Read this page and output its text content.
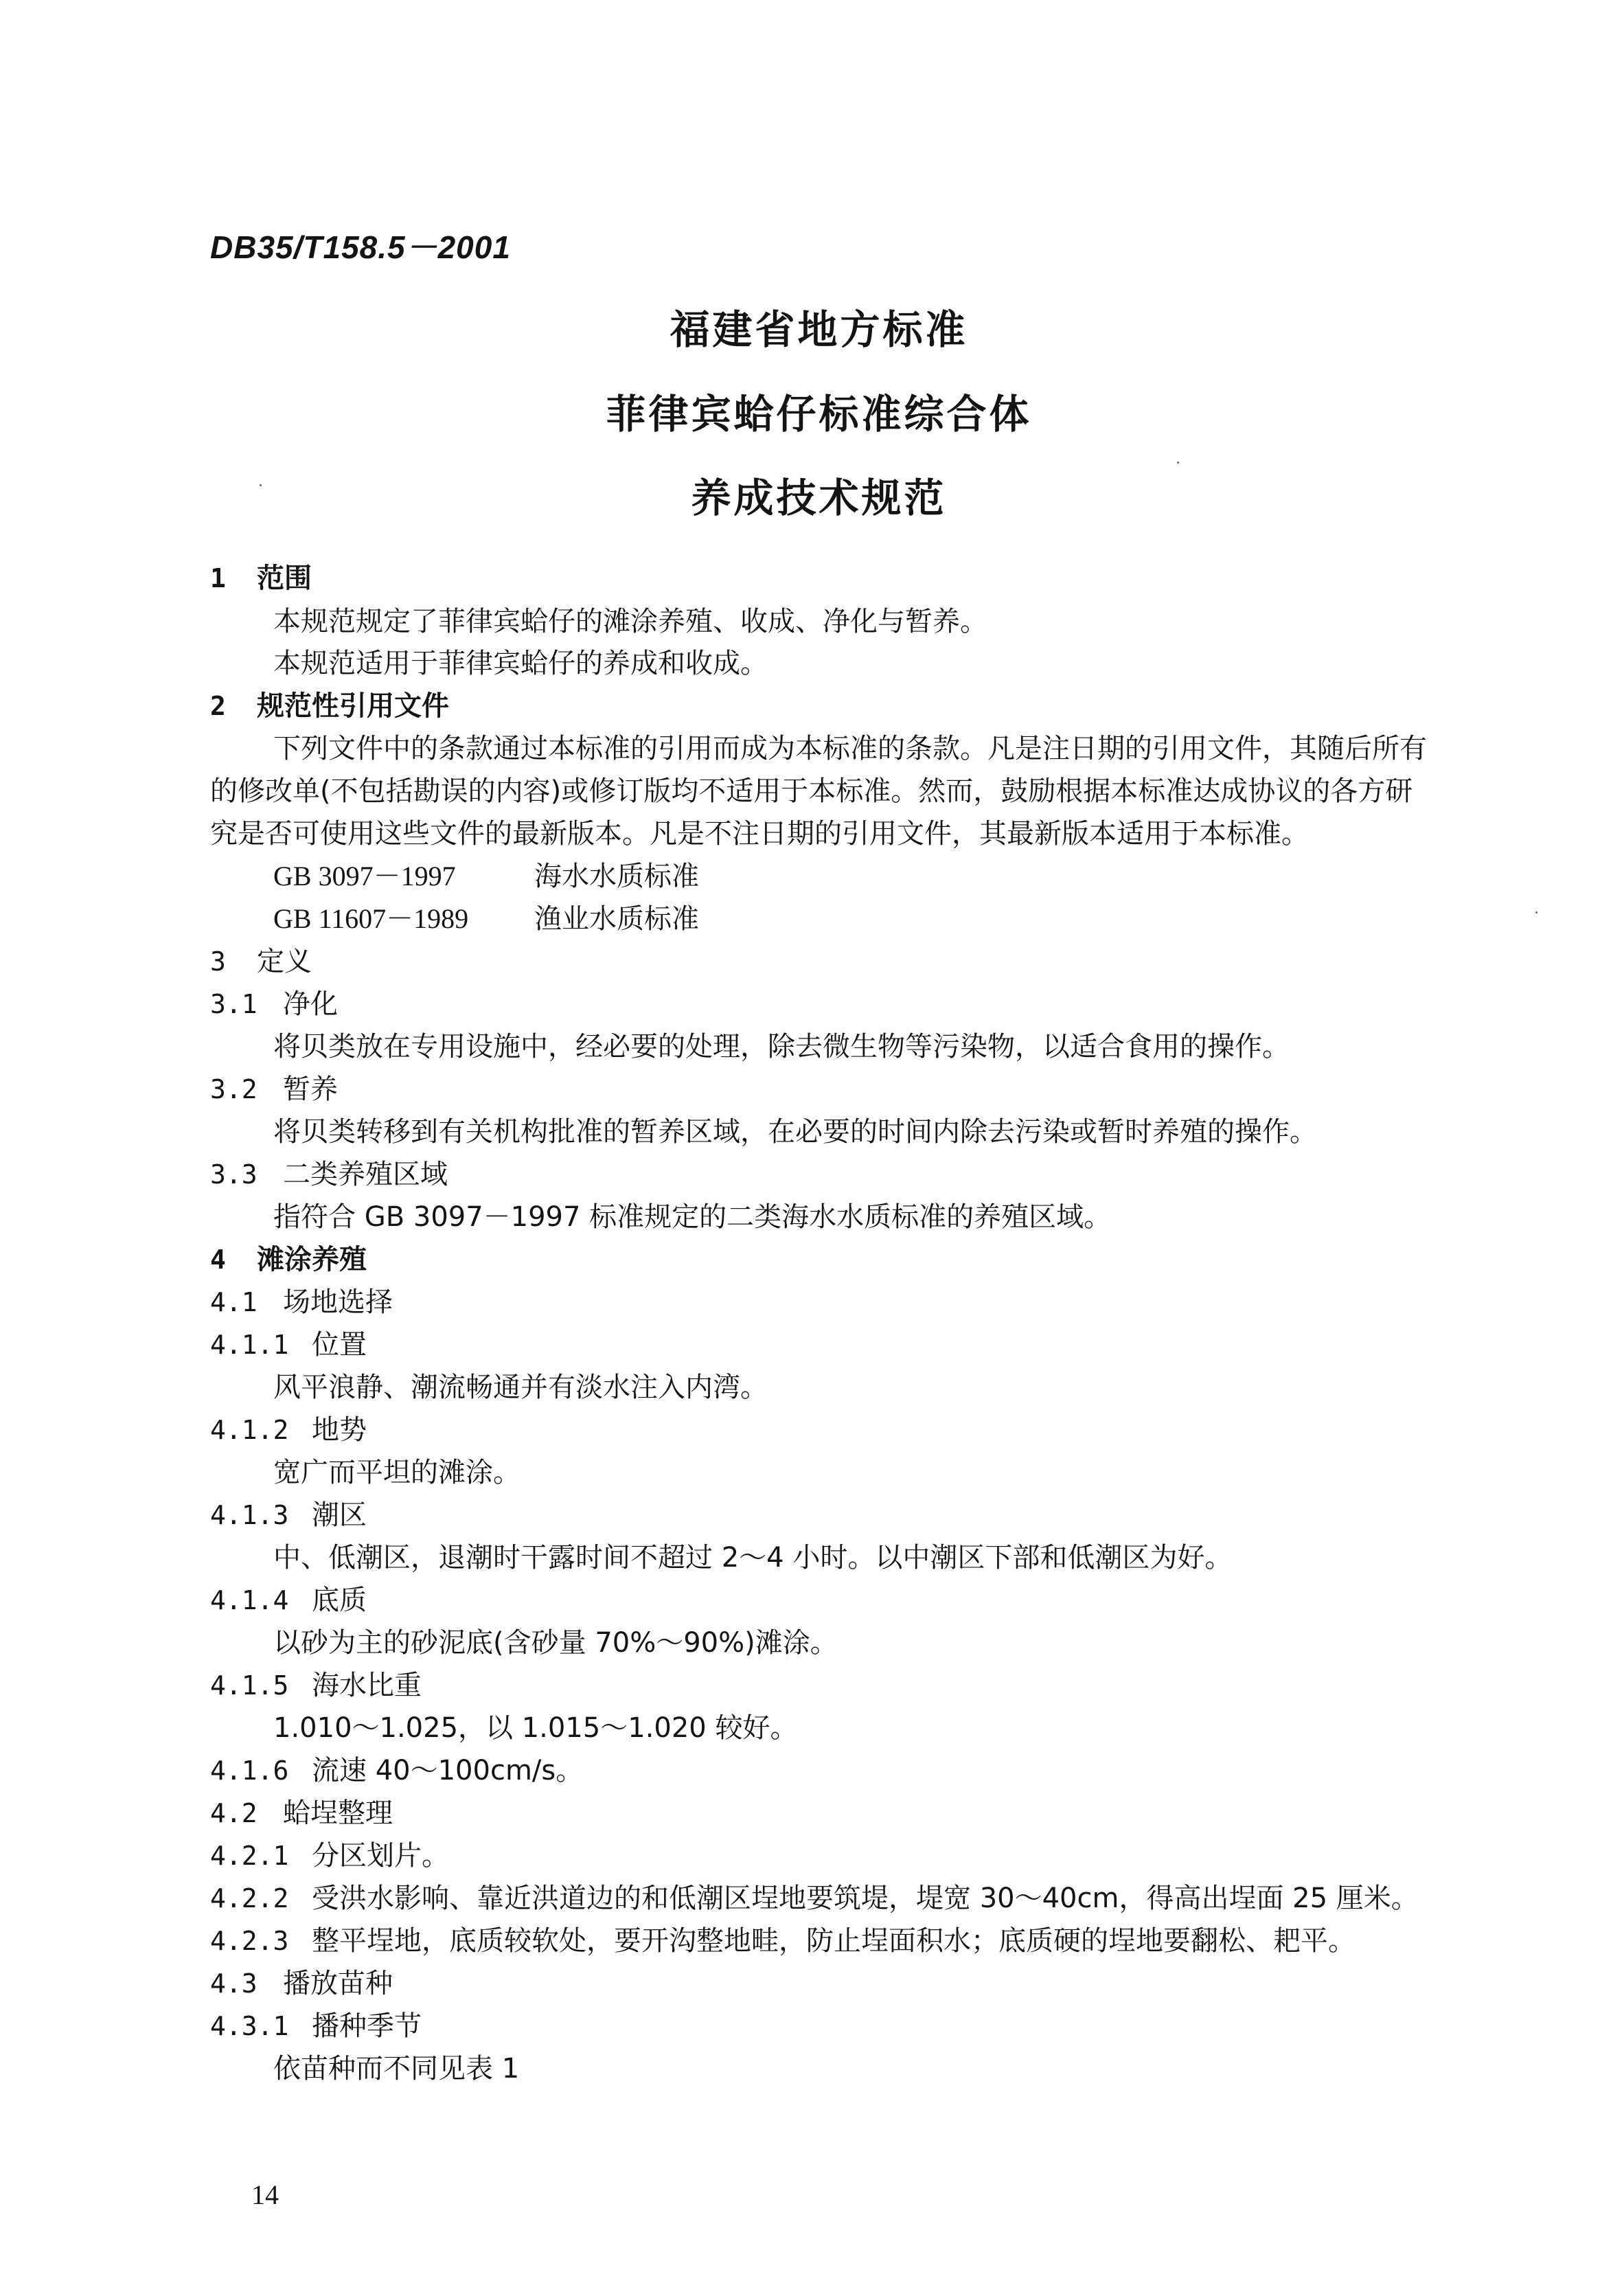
DB35/T158.5－2001
福建省地方标准
菲律宾蛤仔标准综合体
养成技术规范
1 范围
本规范规定了菲律宾蛤仔的滩涂养殖、收成、净化与暂养。
本规范适用于菲律宾蛤仔的养成和收成。
2 规范性引用文件
下列文件中的条款通过本标准的引用而成为本标准的条款。凡是注日期的引用文件，其随后所有
的修改单(不包括勘误的内容)或修订版均不适用于本标准。然而，鼓励根据本标准达成协议的各方研
究是否可使用这些文件的最新版本。凡是不注日期的引用文件，其最新版本适用于本标准。
GB 3097－1997	海水水质标准
GB 11607－1989 渔业水质标准
3 定义
3.1 净化
将贝类放在专用设施中，经必要的处理，除去微生物等污染物，以适合食用的操作。
3.2 暂养
将贝类转移到有关机构批准的暂养区域，在必要的时间内除去污染或暂时养殖的操作。
3.3 二类养殖区域
指符合 GB 3097－1997 标准规定的二类海水水质标准的养殖区域。
4 滩涂养殖
4.1 场地选择
4.1.1 位置
风平浪静、潮流畅通并有淡水注入内湾。
4.1.2 地势
宽广而平坦的滩涂。
4.1.3 潮区
中、低潮区，退潮时干露时间不超过 2～4 小时。以中潮区下部和低潮区为好。
4.1.4 底质
以砂为主的砂泥底(含砂量 70%～90%)滩涂。
4.1.5 海水比重
1.010～1.025，以 1.015～1.020 较好。
4.1.6 流速 40～100cm/s。
4.2 蛤埕整理
4.2.1 分区划片。
4.2.2 受洪水影响、靠近洪道边的和低潮区埕地要筑堤，堤宽 30～40cm，得高出埕面 25 厘米。
4.2.3 整平埕地，底质较软处，要开沟整地畦，防止埕面积水；底质硬的埕地要翻松、耙平。
4.3 播放苗种
4.3.1 播种季节
依苗种而不同见表 1
14
